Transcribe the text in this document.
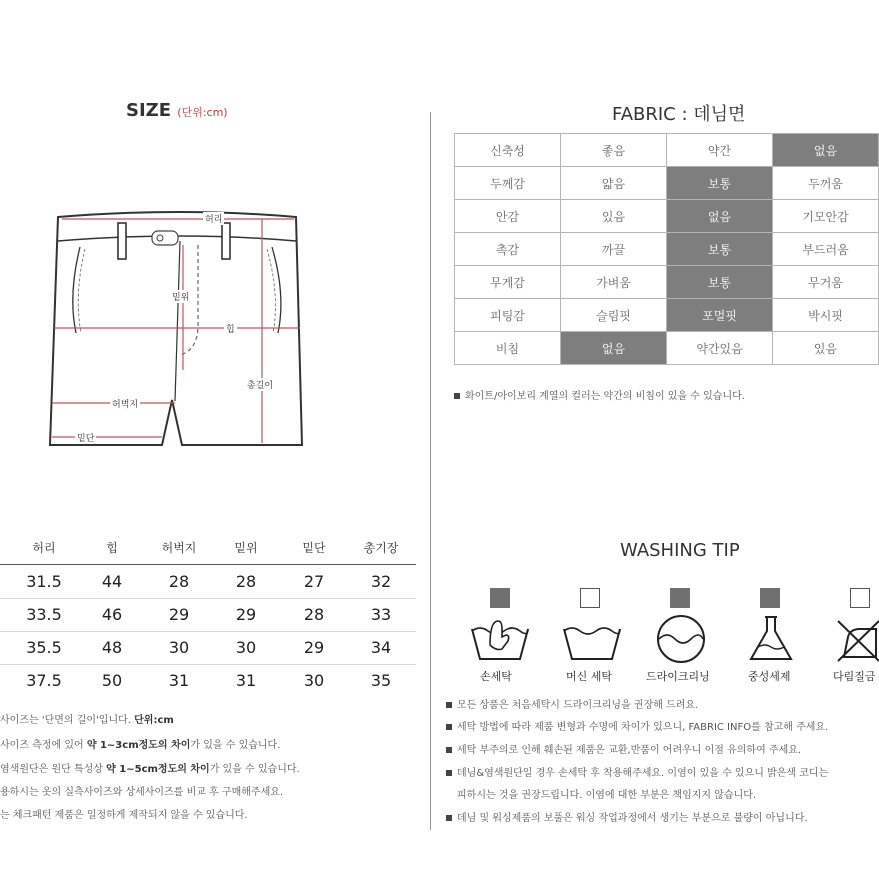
SIZE (단위:cm)
허리
밑위
힙
총길이
허벅지
밑단
허리	힙	허벅지	밑위	밑단	총기장
31.5	44	28	28	27	32
33.5	46	29	29	28	33
35.5	48	30	30	29	34
37.5	50	31	31	30	35
사이즈는 '단면의 길이'입니다. 단위:cm
사이즈 측정에 있어 약 1~3cm정도의 차이가 있을 수 있습니다.
염색원단은 원단 특성상 약 1~5cm정도의 차이가 있을 수 있습니다.
용하시는 옷의 실측사이즈와 상세사이즈를 비교 후 구매해주세요.
는 체크패턴 제품은 일정하게 제작되지 않을 수 있습니다.
FABRIC : 데님면
신축성	좋음	약간	없음
두께감	얇음	보통	두꺼움
안감	있음	없음	기모안감
촉감	까끌	보통	부드러움
무게감	가벼움	보통	무거움
피팅감	슬림핏	포멀핏	박시핏
비침	없음	약간있음	있음
화이트/아이보리 계열의 컬러는 약간의 비침이 있을 수 있습니다.
WASHING TIP
손세탁	머신 세탁	드라이크리닝	중성세제	다림질금
모든 상품은 처음세탁시 드라이크리닝을 권장해 드려요.
세탁 방법에 따라 제품 변형과 수명에 차이가 있으니, FABRIC INFO를 참고해 주세요.
세탁 부주의로 인해 훼손된 제품은 교환,반품이 어려우니 이점 유의하여 주세요.
데님&염색원단일 경우 손세탁 후 착용해주세요. 이염이 있을 수 있으니 밝은색 코디는
피하시는 것을 권장드립니다. 이염에 대한 부분은 책임지지 않습니다.
데님 및 워싱제품의 보풀은 워싱 작업과정에서 생기는 부분으로 불량이 아닙니다.
